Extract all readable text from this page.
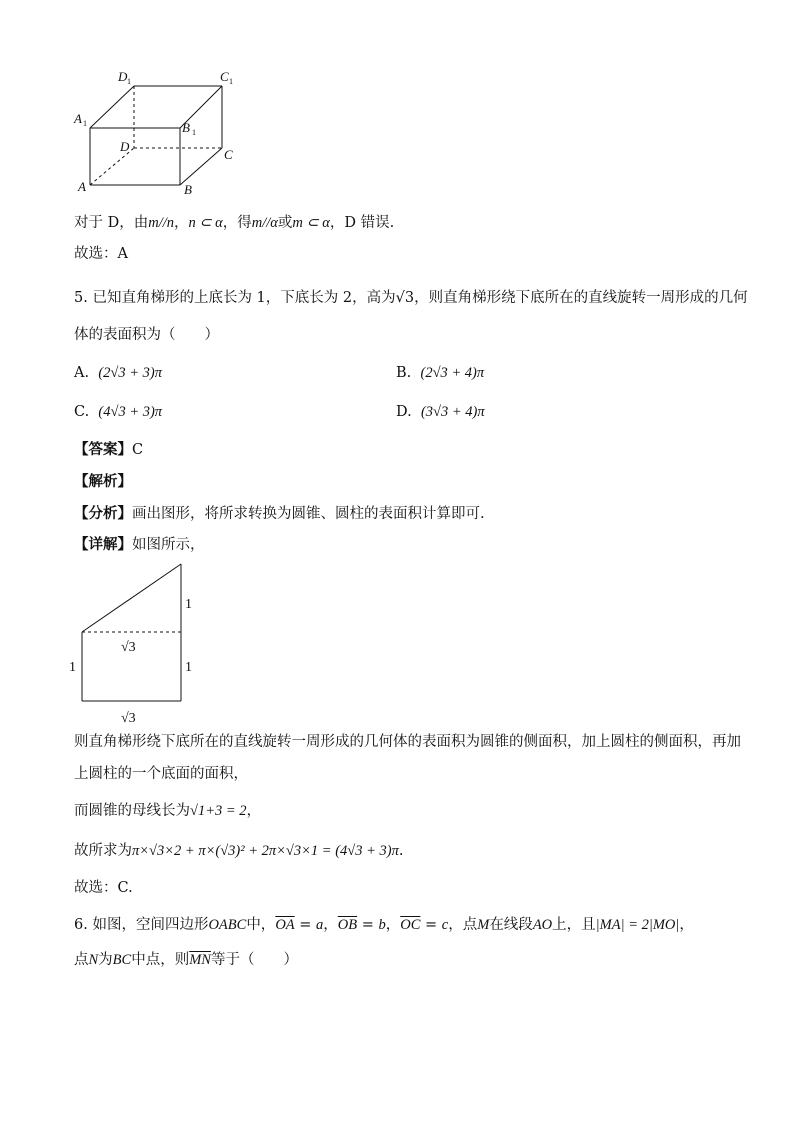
D 1	C 1
A 1	B 1
D
C
A	B
对于 D，由m//n，n ⊂ α，得m//α或m ⊂ α，D 错误.
故选：A
5. 已知直角梯形的上底长为 1，下底长为 2，高为√3，则直角梯形绕下底所在的直线旋转一周形成的几何
体的表面积为（　　）
A. (2√3 + 3)π	B. (2√3 + 4)π
C. (4√3 + 3)π	D. (3√3 + 4)π
【答案】C
【解析】
【分析】画出图形，将所求转换为圆锥、圆柱的表面积计算即可.
【详解】如图所示，
1
√3
1	1
√3
则直角梯形绕下底所在的直线旋转一周形成的几何体的表面积为圆锥的侧面积，加上圆柱的侧面积，再加
上圆柱的一个底面的面积，
而圆锥的母线长为√1+3 = 2，
故所求为π×√3×2 + π×(√3)² + 2π×√3×1 = (4√3 + 3)π.
故选：C.
6. 如图，空间四边形OABC中，$\overline{OA} = a$，$\overline{OB} = b$，$\overline{OC} = c$，点M在线段AO上，且|MA| = 2|MO|，
点N为BC中点，则$\overline{MN}$等于（　　）
